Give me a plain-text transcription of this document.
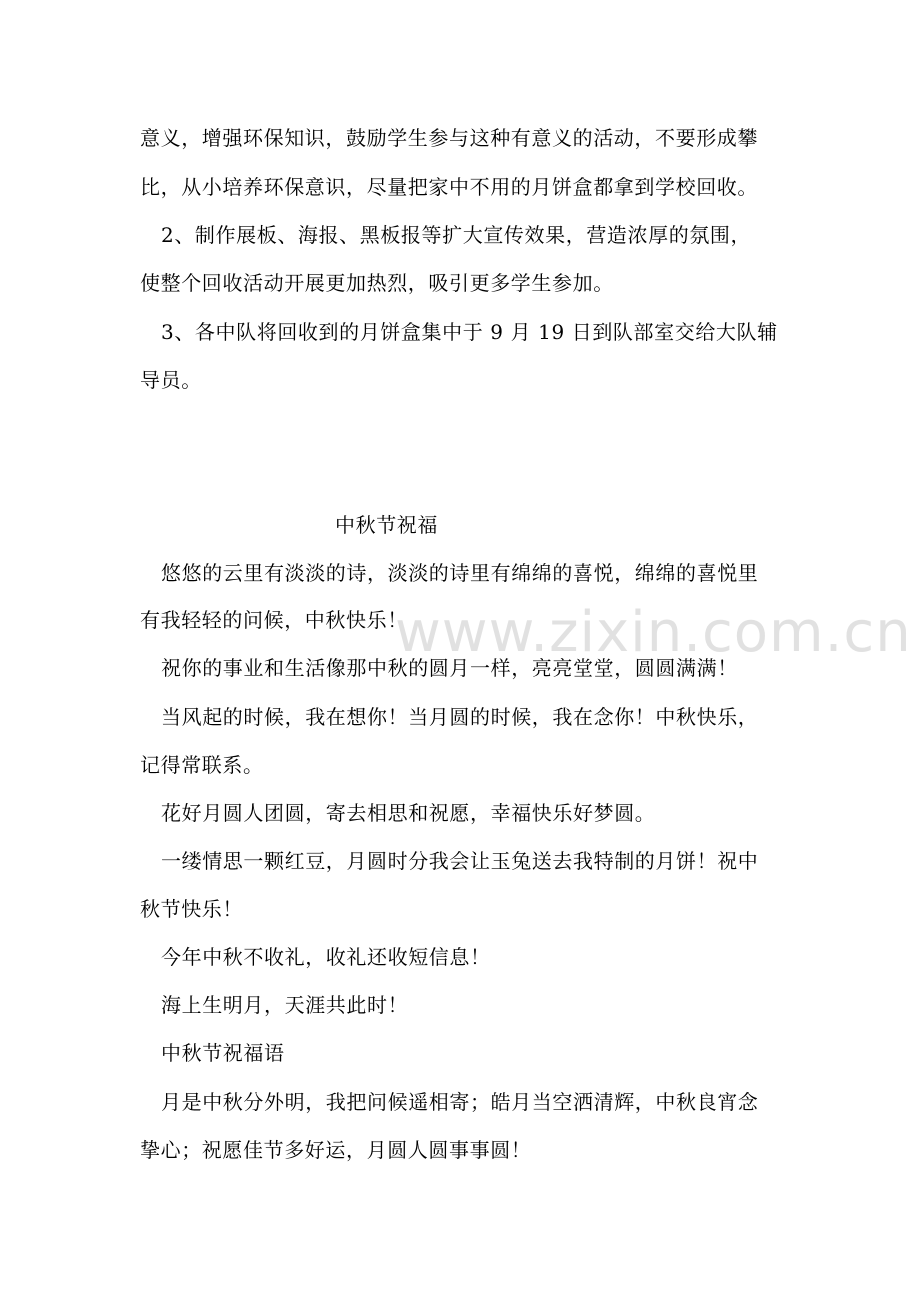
www.zixin.com.cn
意义，增强环保知识，鼓励学生参与这种有意义的活动，不要形成攀
比，从小培养环保意识，尽量把家中不用的月饼盒都拿到学校回收。
2、制作展板、海报、黑板报等扩大宣传效果，营造浓厚的氛围，
使整个回收活动开展更加热烈，吸引更多学生参加。
3、各中队将回收到的月饼盒集中于 9 月 19 日到队部室交给大队辅
导员。
中秋节祝福
悠悠的云里有淡淡的诗，淡淡的诗里有绵绵的喜悦，绵绵的喜悦里
有我轻轻的问候，中秋快乐！
祝你的事业和生活像那中秋的圆月一样，亮亮堂堂，圆圆满满！
当风起的时候，我在想你！当月圆的时候，我在念你！中秋快乐，
记得常联系。
花好月圆人团圆，寄去相思和祝愿，幸福快乐好梦圆。
一缕情思一颗红豆，月圆时分我会让玉兔送去我特制的月饼！祝中
秋节快乐！
今年中秋不收礼，收礼还收短信息！
海上生明月，天涯共此时！
中秋节祝福语
月是中秋分外明，我把问候遥相寄；皓月当空洒清辉，中秋良宵念
挚心；祝愿佳节多好运，月圆人圆事事圆！
